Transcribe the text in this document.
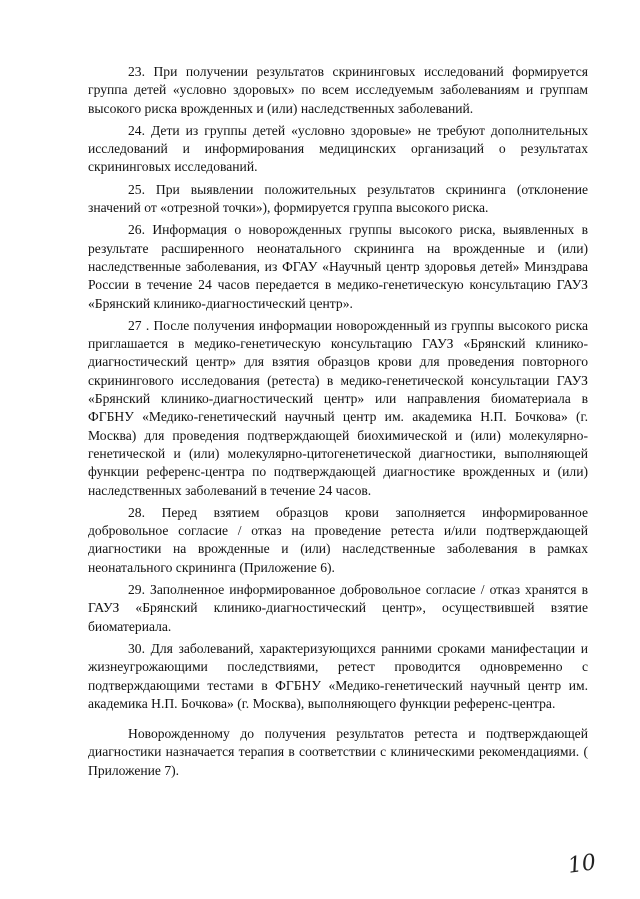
23. При получении результатов скрининговых исследований формируется группа детей «условно здоровых» по всем исследуемым заболеваниям и группам высокого риска врожденных и (или) наследственных заболеваний.

24. Дети из группы детей «условно здоровые» не требуют дополнительных исследований и информирования медицинских организаций о результатах скрининговых исследований.

25. При выявлении положительных результатов скрининга (отклонение значений от «отрезной точки»), формируется группа высокого риска.

26. Информация о новорожденных группы высокого риска, выявленных в результате расширенного неонатального скрининга на врожденные и (или) наследственные заболевания, из ФГАУ «Научный центр здоровья детей» Минздрава России в течение 24 часов передается в медико-генетическую консультацию ГАУЗ «Брянский клинико-диагностический центр».

27 . После получения информации новорожденный из группы высокого риска приглашается в медико-генетическую консультацию ГАУЗ «Брянский клинико-диагностический центр» для взятия образцов крови для проведения повторного скринингового исследования (ретеста) в медико-генетической консультации ГАУЗ «Брянский клинико-диагностический центр» или направления биоматериала в ФГБНУ «Медико-генетический научный центр им. академика Н.П. Бочкова» (г. Москва) для проведения подтверждающей биохимической и (или) молекулярно-генетической и (или) молекулярно-цитогенетической диагностики, выполняющей функции референс-центра по подтверждающей диагностике врожденных и (или) наследственных заболеваний в течение 24 часов.

28. Перед взятием образцов крови заполняется информированное добровольное согласие / отказ на проведение ретеста и/или подтверждающей диагностики на врожденные и (или) наследственные заболевания в рамках неонатального скрининга (Приложение 6).

29. Заполненное информированное добровольное согласие / отказ хранятся в ГАУЗ «Брянский клинико-диагностический центр», осуществившей взятие биоматериала.

30. Для заболеваний, характеризующихся ранними сроками манифестации и жизнеугрожающими последствиями, ретест проводится одновременно с подтверждающими тестами в ФГБНУ «Медико-генетический научный центр им. академика Н.П. Бочкова» (г. Москва), выполняющего функции референс-центра.

Новорожденному до получения результатов ретеста и подтверждающей диагностики назначается терапия в соответствии с клиническими рекомендациями. ( Приложение 7).

10
